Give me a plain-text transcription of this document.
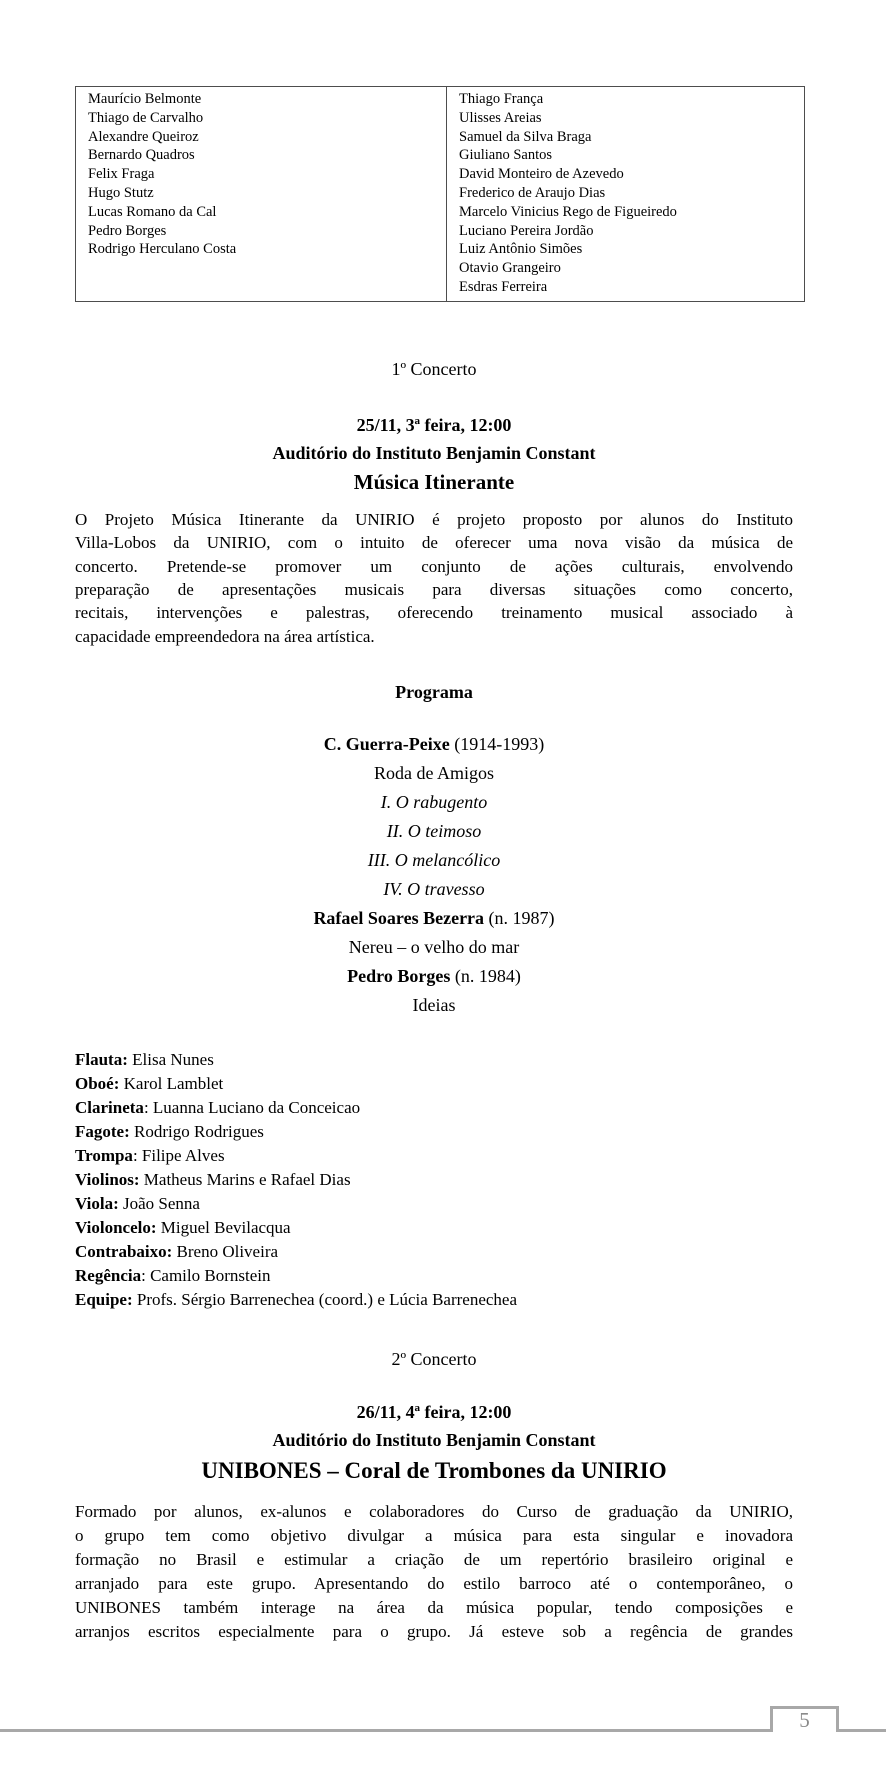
Maurício Belmonte
Thiago de Carvalho
Alexandre Queiroz
Bernardo Quadros
Felix Fraga
Hugo Stutz
Lucas Romano da Cal
Pedro Borges
Rodrigo Herculano Costa

Thiago França
Ulisses Areias
Samuel da Silva Braga
Giuliano Santos
David Monteiro de Azevedo
Frederico de Araujo Dias
Marcelo Vinicius Rego de Figueiredo
Luciano Pereira Jordão
Luiz Antônio Simões
Otavio Grangeiro
Esdras Ferreira
1º Concerto
25/11, 3ª feira, 12:00
Auditório do Instituto Benjamin Constant
Música Itinerante
O Projeto Música Itinerante da UNIRIO é projeto proposto por alunos do Instituto
Villa-Lobos da UNIRIO, com o intuito de oferecer uma nova visão da música de
concerto. Pretende-se promover um conjunto de ações culturais, envolvendo
preparação de apresentações musicais para diversas situações como concerto,
recitais, intervenções e palestras, oferecendo treinamento musical associado à
capacidade empreendedora na área artística.
Programa
C. Guerra-Peixe (1914-1993)
Roda de Amigos
I. O rabugento
II. O teimoso
III. O melancólico
IV. O travesso
Rafael Soares Bezerra (n. 1987)
Nereu – o velho do mar
Pedro Borges (n. 1984)
Ideias
Flauta: Elisa Nunes
Oboé: Karol Lamblet
Clarineta: Luanna Luciano da Conceicao
Fagote: Rodrigo Rodrigues
Trompa: Filipe Alves
Violinos: Matheus Marins e Rafael Dias
Viola: João Senna
Violoncelo: Miguel Bevilacqua
Contrabaixo: Breno Oliveira
Regência: Camilo Bornstein
Equipe: Profs. Sérgio Barrenechea (coord.) e Lúcia Barrenechea
2º Concerto
26/11, 4ª feira, 12:00
Auditório do Instituto Benjamin Constant
UNIBONES – Coral de Trombones da UNIRIO
Formado por alunos, ex-alunos e colaboradores do Curso de graduação da UNIRIO,
o grupo tem como objetivo divulgar a música para esta singular e inovadora
formação no Brasil e estimular a criação de um repertório brasileiro original e
arranjado para este grupo. Apresentando do estilo barroco até o contemporâneo, o
UNIBONES também interage na área da música popular, tendo composições e
arranjos escritos especialmente para o grupo. Já esteve sob a regência de grandes
5
